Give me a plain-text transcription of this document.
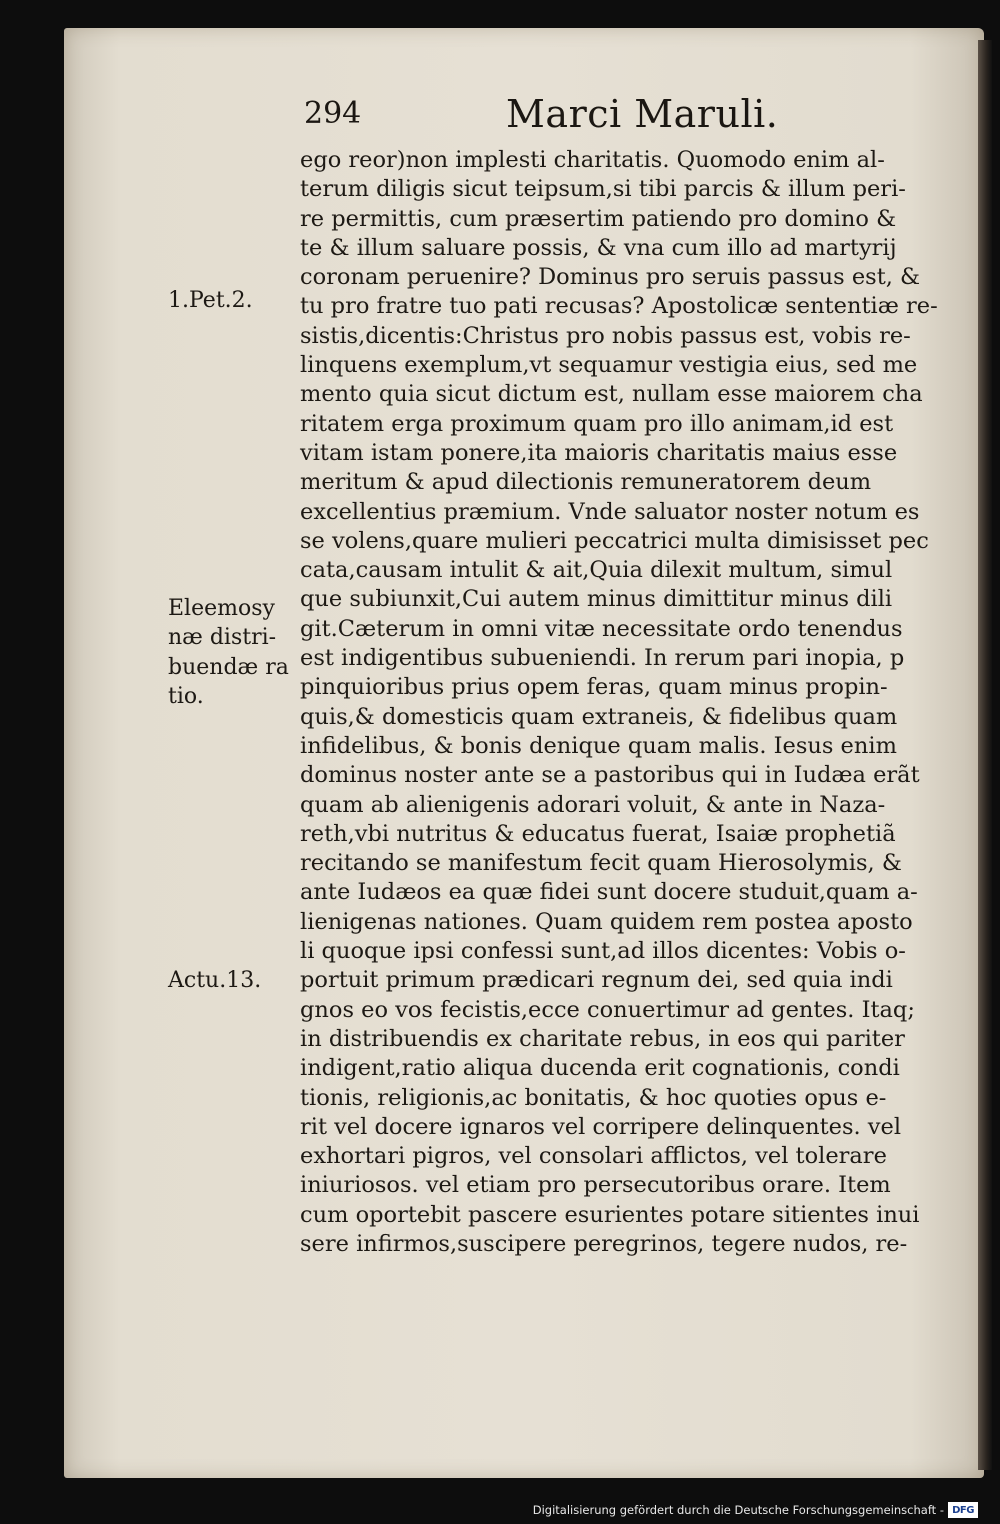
294	Marci Maruli.
1.Pet.2.
Eleemosy
næ distri-
buendæ ra
tio.
Actu.13.
ego reor)non implesti charitatis. Quomodo enim al-
terum diligis sicut teipsum,si tibi parcis & illum peri-
re permittis, cum præsertim patiendo pro domino &
te & illum saluare possis, & vna cum illo ad martyrij
coronam peruenire? Dominus pro seruis passus est, &
tu pro fratre tuo pati recusas? Apostolicæ sententiæ re-
sistis,dicentis:Christus pro nobis passus est, vobis re-
linquens exemplum,vt sequamur vestigia eius, sed me
mento quia sicut dictum est, nullam esse maiorem cha
ritatem erga proximum quam pro illo animam,id est
vitam istam ponere,ita maioris charitatis maius esse
meritum & apud dilectionis remuneratorem deum
excellentius præmium. Vnde saluator noster notum es
se volens,quare mulieri peccatrici multa dimisisset pec
cata,causam intulit & ait,Quia dilexit multum, simul
que subiunxit,Cui autem minus dimittitur minus dili
git.Cæterum in omni vitæ necessitate ordo tenendus
est indigentibus subueniendi. In rerum pari inopia, p
pinquioribus prius opem feras, quam minus propin-
quis,& domesticis quam extraneis, & fidelibus quam
infidelibus, & bonis denique quam malis. Iesus enim
dominus noster ante se a pastoribus qui in Iudæa erãt
quam ab alienigenis adorari voluit, & ante in Naza-
reth,vbi nutritus & educatus fuerat, Isaiæ prophetiã
recitando se manifestum fecit quam Hierosolymis, &
ante Iudæos ea quæ fidei sunt docere studuit,quam a-
lienigenas nationes. Quam quidem rem postea aposto
li quoque ipsi confessi sunt,ad illos dicentes: Vobis o-
portuit primum prædicari regnum dei, sed quia indi
gnos eo vos fecistis,ecce conuertimur ad gentes. Itaq;
in distribuendis ex charitate rebus, in eos qui pariter
indigent,ratio aliqua ducenda erit cognationis, condi
tionis, religionis,ac bonitatis, & hoc quoties opus e-
rit vel docere ignaros vel corripere delinquentes. vel
exhortari pigros, vel consolari afflictos, vel tolerare
iniuriosos. vel etiam pro persecutoribus orare. Item
cum oportebit pascere esurientes potare sitientes inui
sere infirmos,suscipere peregrinos, tegere nudos, re-
Digitalisierung gefördert durch die Deutsche Forschungsgemeinschaft - DFG
